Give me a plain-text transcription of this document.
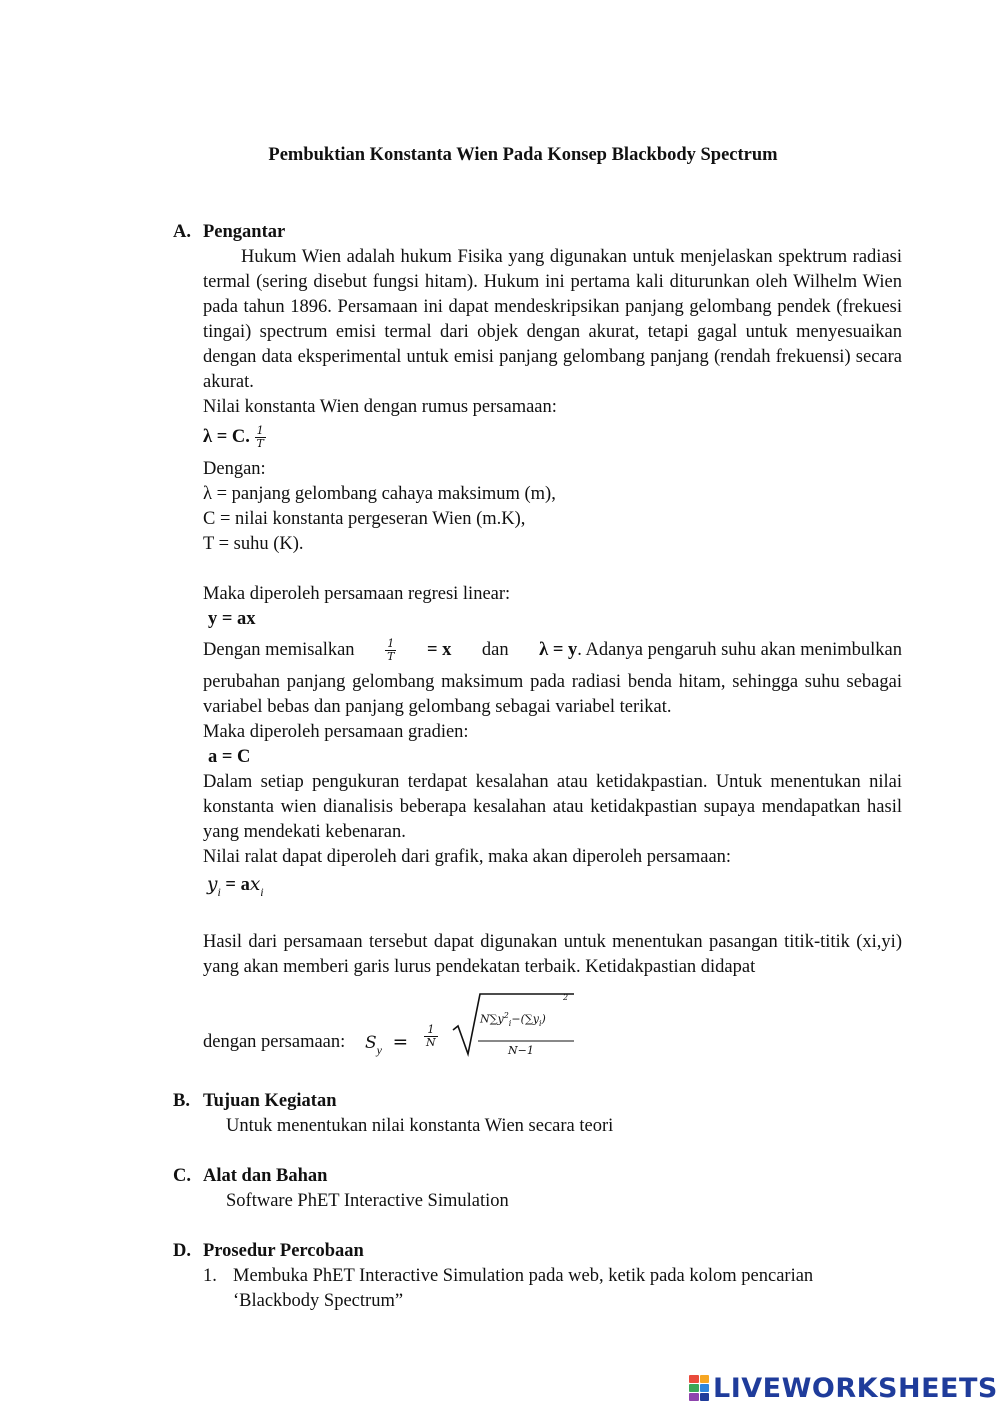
Pembuktian Konstanta Wien Pada Konsep Blackbody Spectrum
A. Pengantar
Hukum Wien adalah hukum Fisika yang digunakan untuk menjelaskan spektrum radiasi termal (sering disebut fungsi hitam). Hukum ini pertama kali diturunkan oleh Wilhelm Wien pada tahun 1896. Persamaan ini dapat mendeskripsikan panjang gelombang pendek (frekuesi tingai) spectrum emisi termal dari objek dengan akurat, tetapi gagal untuk menyesuaikan dengan data eksperimental untuk emisi panjang gelombang panjang (rendah frekuensi) secara akurat.
Nilai konstanta Wien dengan rumus persamaan:
λ = C. $\frac{1}{T}$
Dengan:
λ = panjang gelombang cahaya maksimum (m),
C = nilai konstanta pergeseran Wien (m.K),
T = suhu (K).
Maka diperoleh persamaan regresi linear:
y = ax
Dengan memisalkan	$\frac{1}{T} = x$ dan λ = y. Adanya pengaruh suhu akan menimbulkan
perubahan panjang gelombang maksimum pada radiasi benda hitam, sehingga suhu sebagai variabel bebas dan panjang gelombang sebagai variabel terikat.
Maka diperoleh persamaan gradien:
a = C
Dalam setiap pengukuran terdapat kesalahan atau ketidakpastian. Untuk menentukan nilai konstanta wien dianalisis beberapa kesalahan atau ketidakpastian supaya mendapatkan hasil yang mendekati kebenaran.
Nilai ralat dapat diperoleh dari grafik, maka akan diperoleh persamaan:
$y_i = ax_i$
Hasil dari persamaan tersebut dapat digunakan untuk menentukan pasangan titik-titik (xi,yi) yang akan memberi garis lurus pendekatan terbaik. Ketidakpastian didapat
dengan persamaan: $S_y = \frac{1}{N}$
$N\sum y^2_i-(\sum y_i)$
2
N−1
B. Tujuan Kegiatan
Untuk menentukan nilai konstanta Wien secara teori
C. Alat dan Bahan
Software PhET Interactive Simulation
D. Prosedur Percobaan
1. Membuka PhET Interactive Simulation pada web, ketik pada kolom pencarian
‘Blackbody Spectrum”
LIVEWORKSHEETS
